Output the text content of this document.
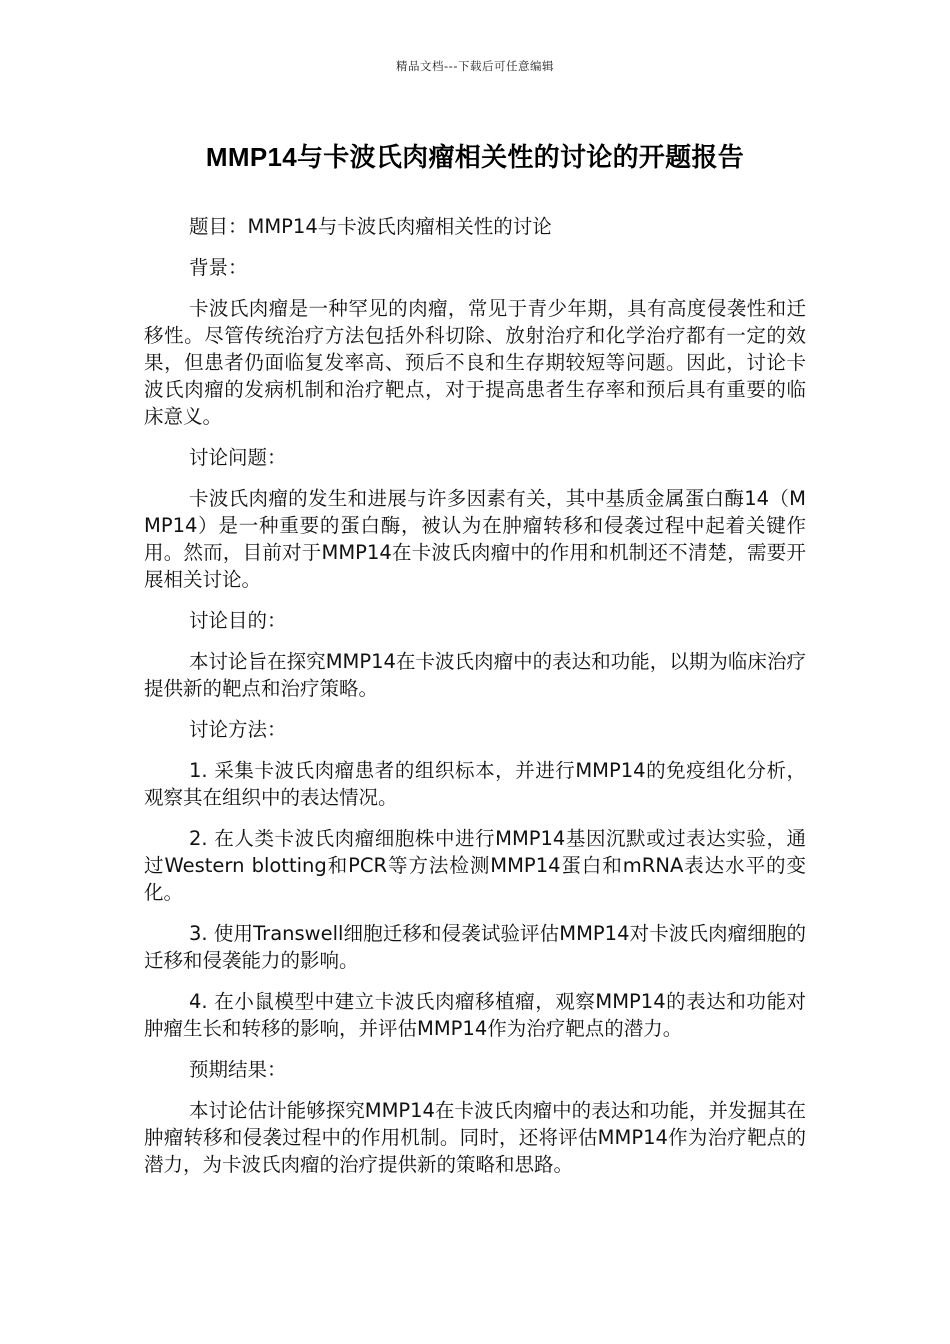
精品文档---下载后可任意编辑
MMP14与卡波氏肉瘤相关性的讨论的开题报告

题目：MMP14与卡波氏肉瘤相关性的讨论

背景：

卡波氏肉瘤是一种罕见的肉瘤，常见于青少年期，具有高度侵袭性和迁移性。尽管传统治疗方法包括外科切除、放射治疗和化学治疗都有一定的效果，但患者仍面临复发率高、预后不良和生存期较短等问题。因此，讨论卡波氏肉瘤的发病机制和治疗靶点，对于提高患者生存率和预后具有重要的临床意义。

讨论问题：

卡波氏肉瘤的发生和进展与许多因素有关，其中基质金属蛋白酶14（MMP14）是一种重要的蛋白酶，被认为在肿瘤转移和侵袭过程中起着关键作用。然而，目前对于MMP14在卡波氏肉瘤中的作用和机制还不清楚，需要开展相关讨论。

讨论目的：

本讨论旨在探究MMP14在卡波氏肉瘤中的表达和功能，以期为临床治疗提供新的靶点和治疗策略。

讨论方法：

1. 采集卡波氏肉瘤患者的组织标本，并进行MMP14的免疫组化分析，观察其在组织中的表达情况。

2. 在人类卡波氏肉瘤细胞株中进行MMP14基因沉默或过表达实验，通过Western blotting和PCR等方法检测MMP14蛋白和mRNA表达水平的变化。

3. 使用Transwell细胞迁移和侵袭试验评估MMP14对卡波氏肉瘤细胞的迁移和侵袭能力的影响。

4. 在小鼠模型中建立卡波氏肉瘤移植瘤，观察MMP14的表达和功能对肿瘤生长和转移的影响，并评估MMP14作为治疗靶点的潜力。

预期结果：

本讨论估计能够探究MMP14在卡波氏肉瘤中的表达和功能，并发掘其在肿瘤转移和侵袭过程中的作用机制。同时，还将评估MMP14作为治疗靶点的潜力，为卡波氏肉瘤的治疗提供新的策略和思路。
